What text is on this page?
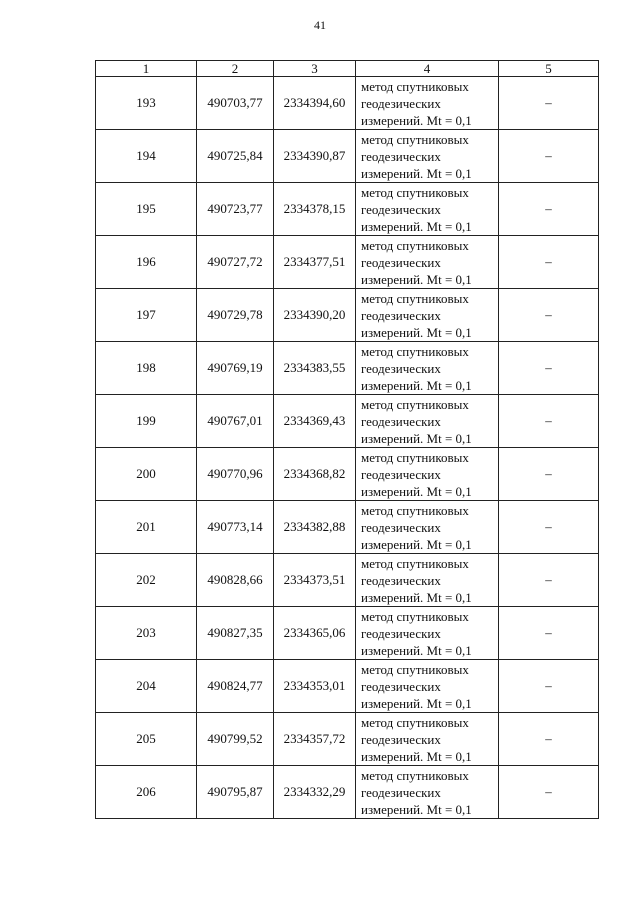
41
1	2	3	4	5
193	490703,77	2334394,60	метод спутниковых
геодезических
измерений. Mt = 0,1	–
194	490725,84	2334390,87	метод спутниковых
геодезических
измерений. Mt = 0,1	–
195	490723,77	2334378,15	метод спутниковых
геодезических
измерений. Mt = 0,1	–
196	490727,72	2334377,51	метод спутниковых
геодезических
измерений. Mt = 0,1	–
197	490729,78	2334390,20	метод спутниковых
геодезических
измерений. Mt = 0,1	–
198	490769,19	2334383,55	метод спутниковых
геодезических
измерений. Mt = 0,1	–
199	490767,01	2334369,43	метод спутниковых
геодезических
измерений. Mt = 0,1	–
200	490770,96	2334368,82	метод спутниковых
геодезических
измерений. Mt = 0,1	–
201	490773,14	2334382,88	метод спутниковых
геодезических
измерений. Mt = 0,1	–
202	490828,66	2334373,51	метод спутниковых
геодезических
измерений. Mt = 0,1	–
203	490827,35	2334365,06	метод спутниковых
геодезических
измерений. Mt = 0,1	–
204	490824,77	2334353,01	метод спутниковых
геодезических
измерений. Mt = 0,1	–
205	490799,52	2334357,72	метод спутниковых
геодезических
измерений. Mt = 0,1	–
206	490795,87	2334332,29	метод спутниковых
геодезических
измерений. Mt = 0,1	–
